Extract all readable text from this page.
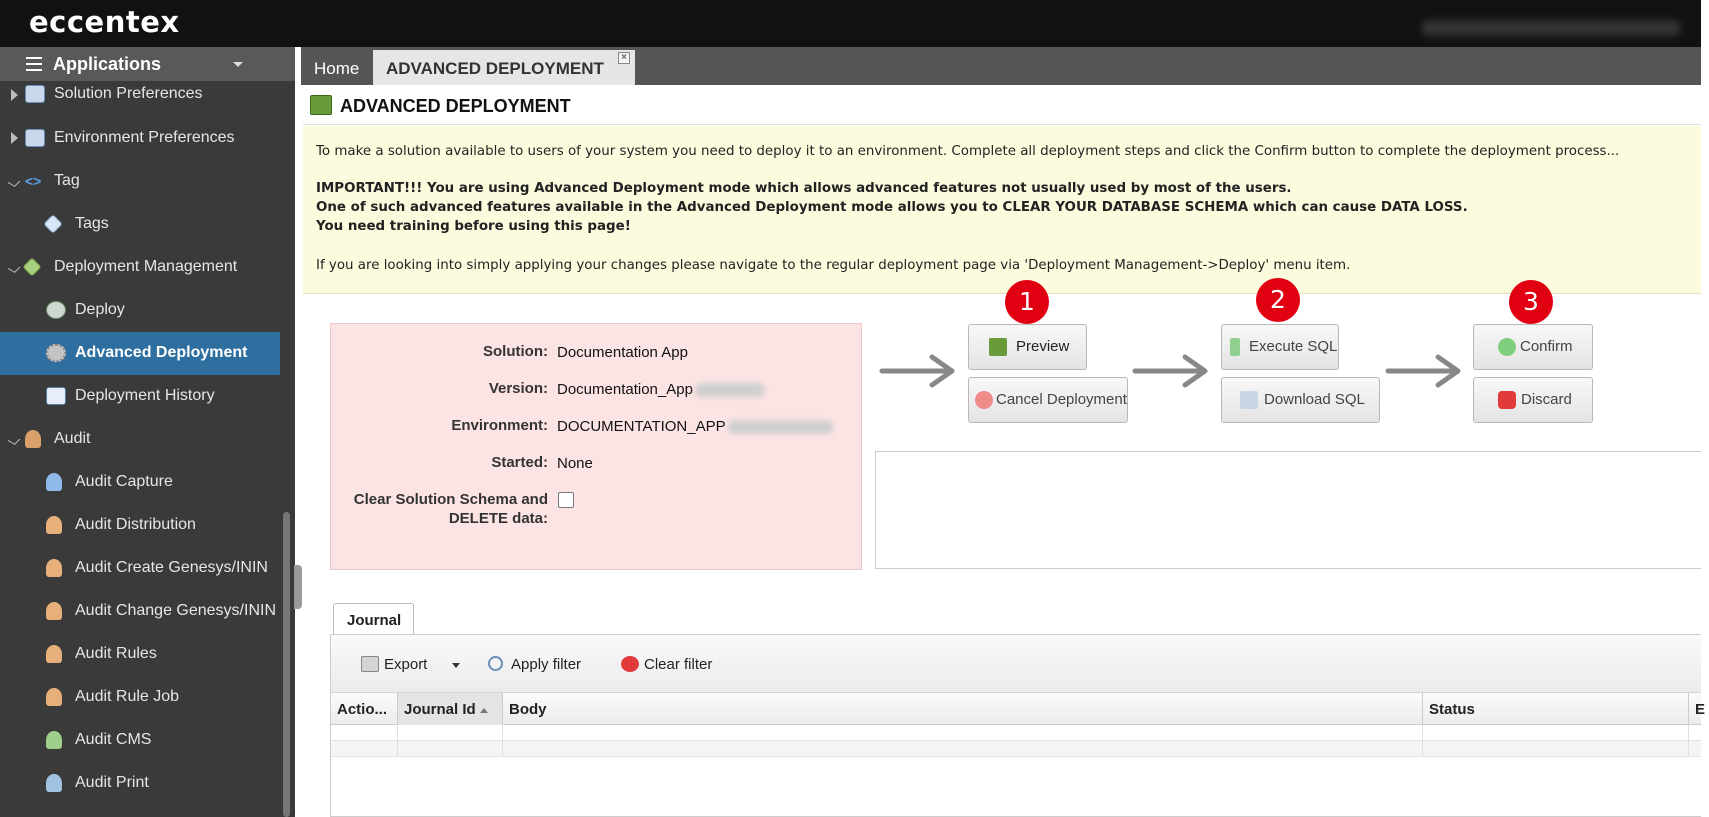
eccentex
Applications
Solution Preferences
Environment Preferences
<> Tag
Tags
Deployment Management
Deploy
Advanced Deployment
Deployment History
Audit
Audit Capture
Audit Distribution
Audit Create Genesys/ININ
Audit Change Genesys/ININ
Audit Rules
Audit Rule Job
Audit CMS
Audit Print
Home	ADVANCED DEPLOYMENT
×
ADVANCED DEPLOYMENT

To make a solution available to users of your system you need to deploy it to an environment. Complete all deployment steps and click the Confirm button to complete the deployment process...

IMPORTANT!!! You are using Advanced Deployment mode which allows advanced features not usually used by most of the users.

One of such advanced features available in the Advanced Deployment mode allows you to CLEAR YOUR DATABASE SCHEMA which can cause DATA LOSS.

You need training before using this page!

If you are looking into simply applying your changes please navigate to the regular deployment page via 'Deployment Management->Deploy' menu item.

Solution: Documentation App
Version: Documentation_App
Environment: DOCUMENTATION_APP
Started: None
Clear Solution Schema and
DELETE data:
1	2	3
Preview
Cancel Deployment
Execute SQL
Download SQL
Confirm
Discard
Journal
Export	Apply filter	Clear filter
Actio...	Journal Id	Body	Status	E
